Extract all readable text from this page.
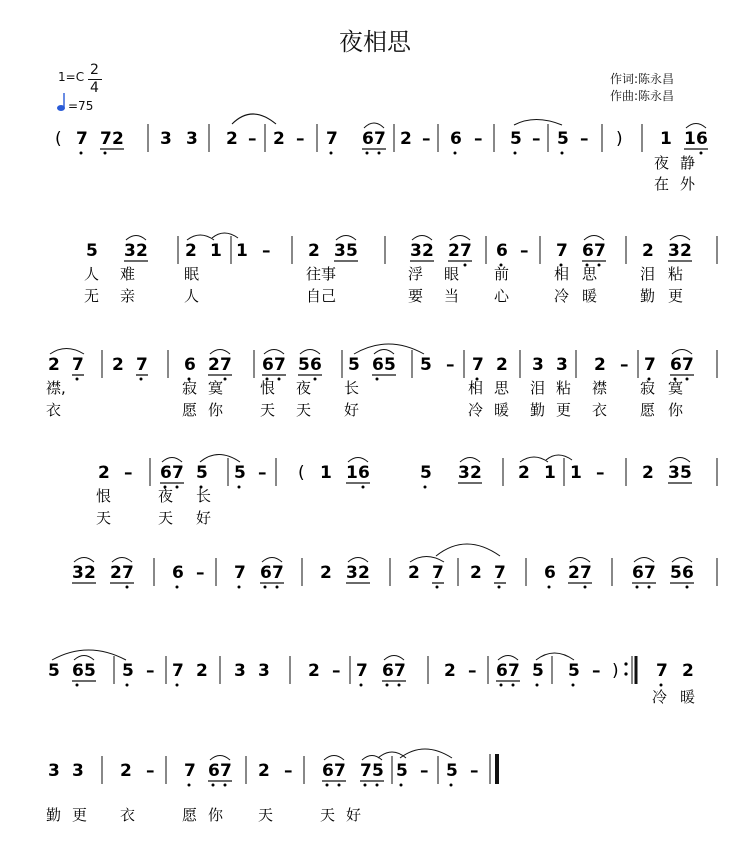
夜相思
1=C 2
4
=75
作词:陈永昌
作曲:陈永昌
( 7 7 2 3 3 2 – 2 – 7 6 7 2 – 6 – 5 – 5 – ) 1 1 6
夜 静
在 外
5 3 2 2 1 1 – 2 3 5	3 2 2 7 6 – 7 6 7 2 3 2
人 难	眠	往事	浮 眼 前	相 思	泪 粘
无 亲	人	自己	要 当 心	冷 暖	勤 更
2 7 2 7 6 2 7 6 7 5 6 5 6 5 5 – 7 2 3 3 2 – 7 6 7
襟,	寂 寞 恨 夜 长	相 思 泪 粘 襟 寂 寞
衣	愿 你 天 天 好	冷 暖 勤 更 衣 愿 你
2 – 6 7 5 5 – ( 1 1 6	5 3 2 2 1 1 – 2 3 5
恨	夜 长
天	天 好
3 2 2 7 6 – 7 6 7 2 3 2 2 7 2 7 6 2 7 6 7 5 6
5 6 5 5 – 7 2 3 3 2 – 7 6 7 2 – 6 7 5 5 – ) 7 2
冷 暖
3 3 2 – 7 6 7 2 – 6 7 7 5 5 – 5 –
勤 更 衣	愿 你 天	天 好
